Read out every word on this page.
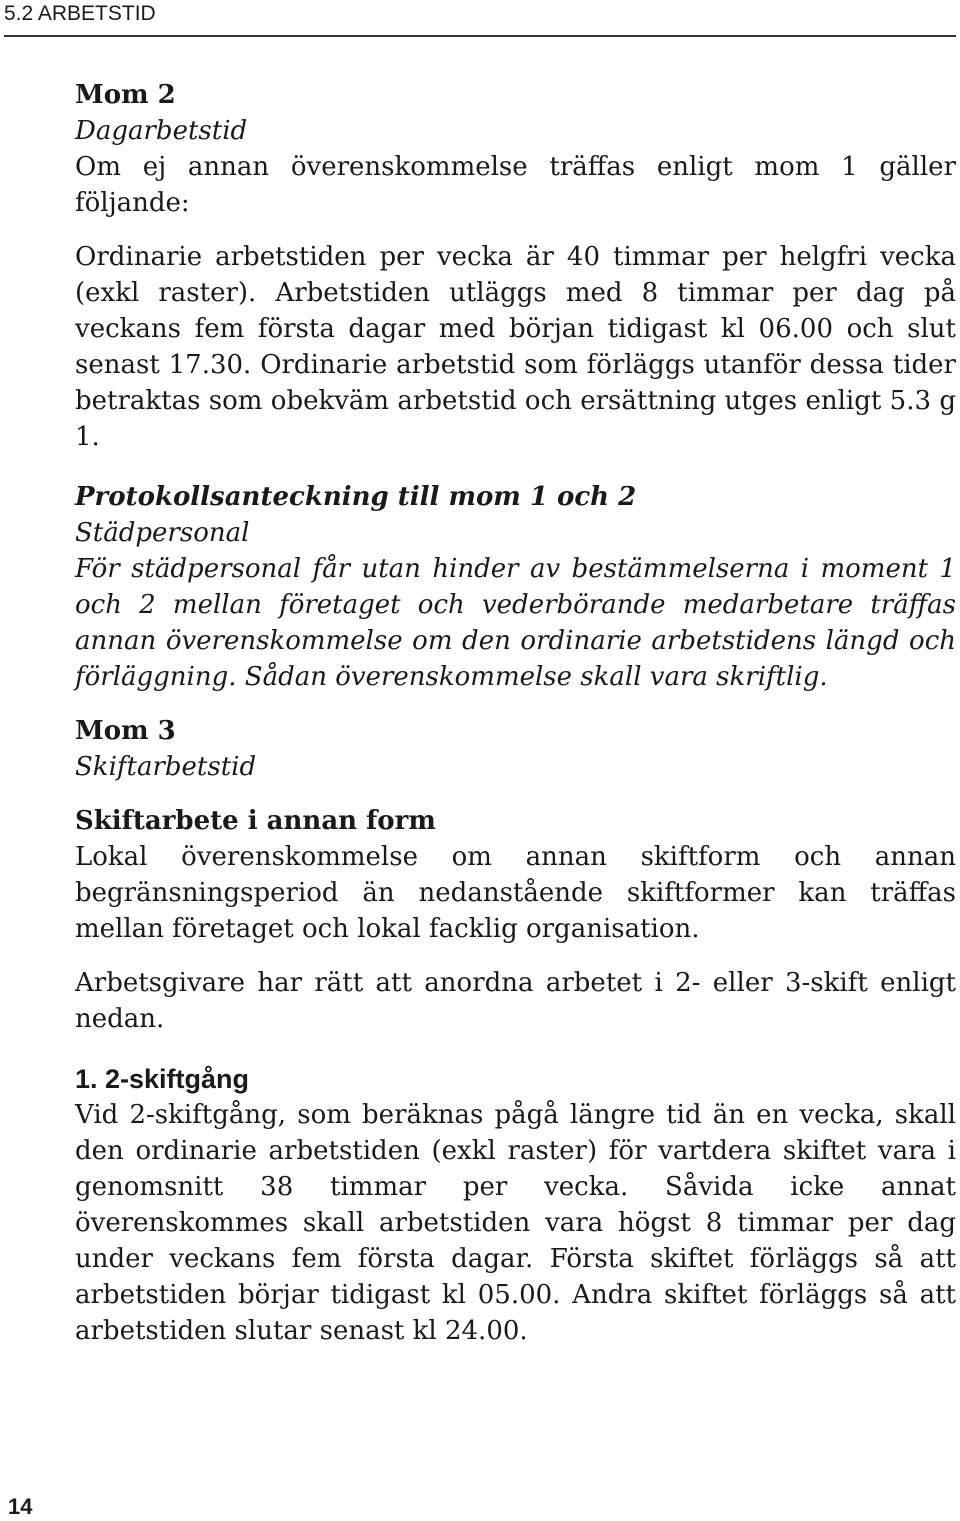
5.2 ARBETSTID

Mom 2

Dagarbetstid

Om ej annan överenskommelse träffas enligt mom 1 gäller följande:

Ordinarie arbetstiden per vecka är 40 timmar per helgfri vecka (exkl raster). Arbetstiden utläggs med 8 timmar per dag på veckans fem första dagar med början tidigast kl 06.00 och slut senast 17.30. Ordinarie arbetstid som förläggs utanför dessa tider betraktas som obekväm arbetstid och ersättning utges enligt 5.3 g 1.

Protokollsanteckning till mom 1 och 2

Städpersonal

För städpersonal får utan hinder av bestämmelserna i moment 1 och 2 mellan företaget och vederbörande medarbetare träffas annan överenskommelse om den ordinarie arbetstidens längd och förläggning. Sådan överenskommelse skall vara skriftlig.

Mom 3

Skiftarbetstid

Skiftarbete i annan form

Lokal överenskommelse om annan skiftform och annan begränsningsperiod än nedanstående skiftformer kan träffas mellan företaget och lokal facklig organisation.

Arbetsgivare har rätt att anordna arbetet i 2- eller 3-skift enligt nedan.

1. 2-skiftgång

Vid 2-skiftgång, som beräknas pågå längre tid än en vecka, skall den ordinarie arbetstiden (exkl raster) för vartdera skiftet vara i genomsnitt 38 timmar per vecka. Såvida icke annat överenskommes skall arbetstiden vara högst 8 timmar per dag under veckans fem första dagar. Första skiftet förläggs så att arbetstiden börjar tidigast kl 05.00. Andra skiftet förläggs så att arbetstiden slutar senast kl 24.00.

14
